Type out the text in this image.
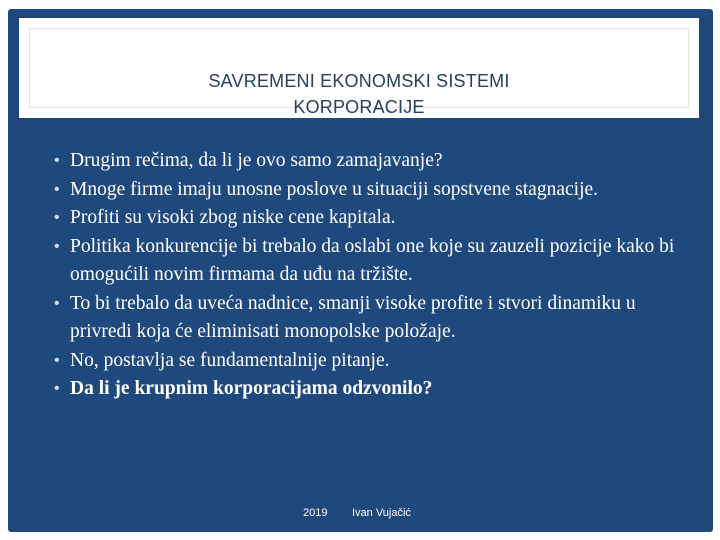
SAVREMENI EKONOMSKI SISTEMI
KORPORACIJE
• Drugim rečima, da li je ovo samo zamajavanje?
• Mnoge firme imaju unosne poslove u situaciji sopstvene stagnacije.
• Profiti su visoki zbog niske cene kapitala.
• Politika konkurencije bi trebalo da oslabi one koje su zauzeli pozicije kako bi omogućili novim firmama da uđu na tržište.
• To bi trebalo da uveća nadnice, smanji visoke profite i stvori dinamiku u privredi koja će eliminisati monopolske položaje.
• No, postavlja se fundamentalnije pitanje.
• Da li je krupnim korporacijama odzvonilo?
2019 Ivan Vujačić
